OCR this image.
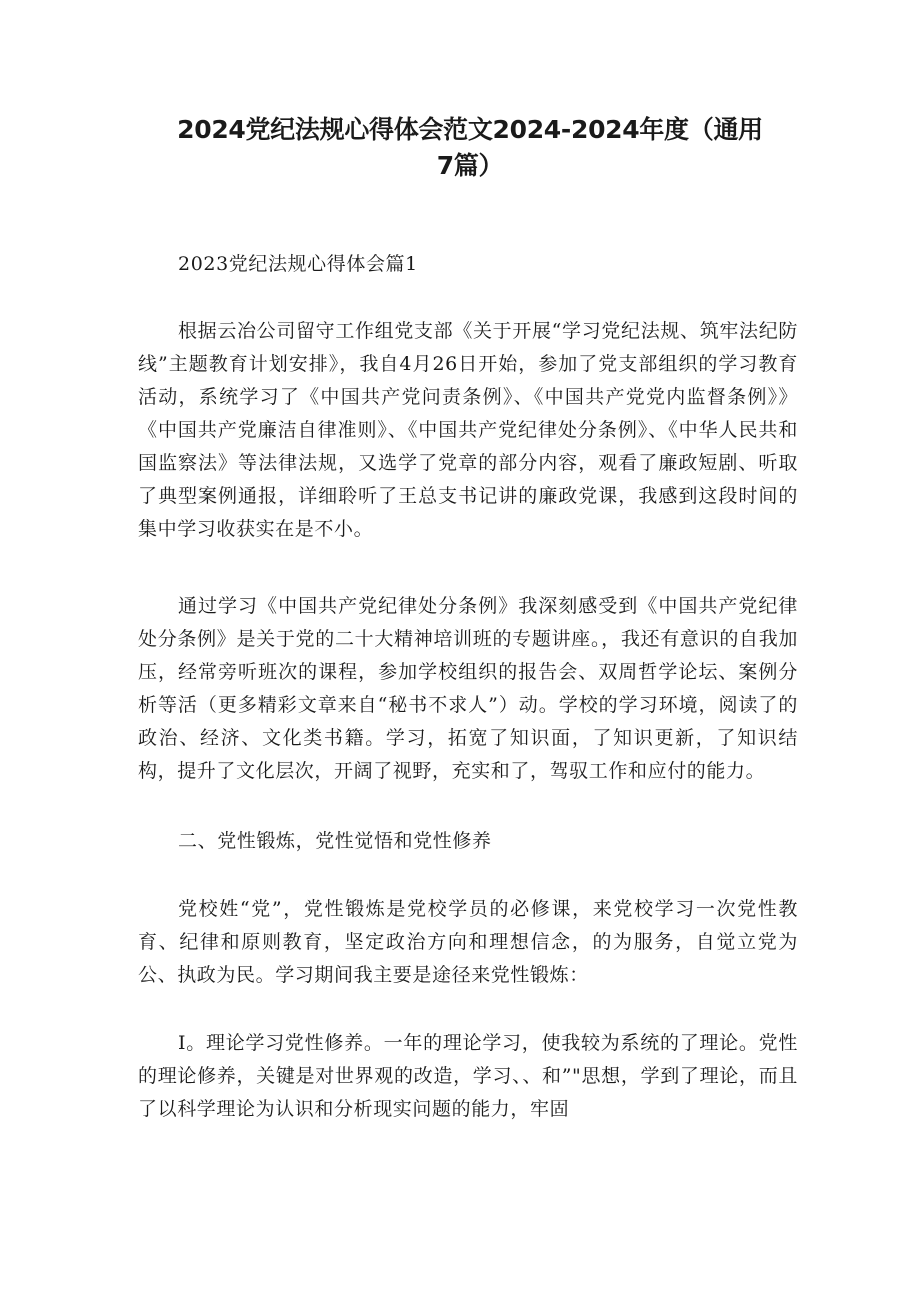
2024党纪法规心得体会范文2024-2024年度（通用7篇）

2023党纪法规心得体会篇1

根据云冶公司留守工作组党支部《关于开展“学习党纪法规、筑牢法纪防线”主题教育计划安排》，我自4月26日开始，参加了党支部组织的学习教育活动，系统学习了《中国共产党问责条例》、《中国共产党党内监督条例》》《中国共产党廉洁自律准则》、《中国共产党纪律处分条例》、《中华人民共和国监察法》等法律法规，又选学了党章的部分内容，观看了廉政短剧、听取了典型案例通报，详细聆听了王总支书记讲的廉政党课，我感到这段时间的集中学习收获实在是不小。

通过学习《中国共产党纪律处分条例》我深刻感受到《中国共产党纪律处分条例》是关于党的二十大精神培训班的专题讲座。，我还有意识的自我加压，经常旁听班次的课程，参加学校组织的报告会、双周哲学论坛、案例分析等活（更多精彩文章来自“秘书不求人”）动。学校的学习环境，阅读了的政治、经济、文化类书籍。学习，拓宽了知识面，了知识更新，了知识结构，提升了文化层次，开阔了视野，充实和了，驾驭工作和应付的能力。

二、党性锻炼，党性觉悟和党性修养

党校姓“党”，党性锻炼是党校学员的必修课，来党校学习一次党性教育、纪律和原则教育，坚定政治方向和理想信念，的为服务，自觉立党为公、执政为民。学习期间我主要是途径来党性锻炼：

I。理论学习党性修养。一年的理论学习，使我较为系统的了理论。党性的理论修养，关键是对世界观的改造，学习、、和”"思想，学到了理论，而且了以科学理论为认识和分析现实问题的能力，牢固
